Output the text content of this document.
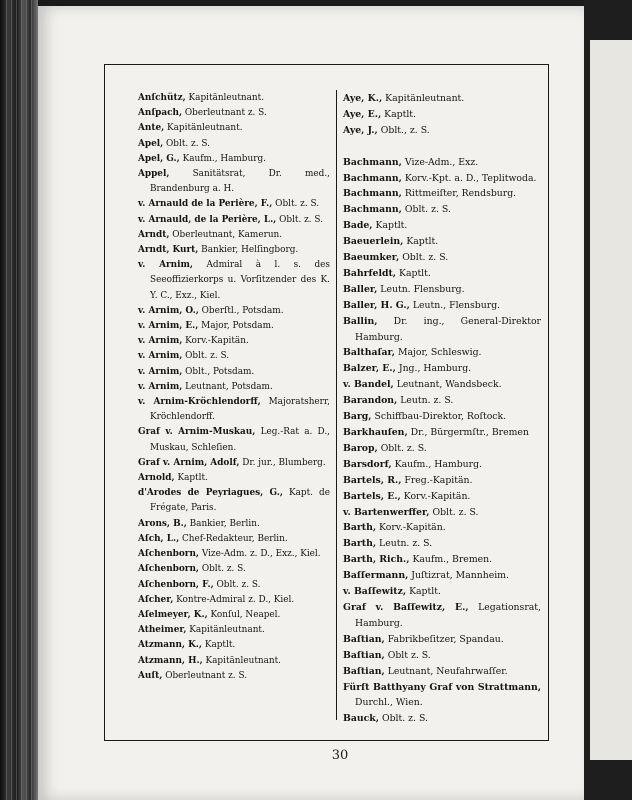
Anſchütz, Kapitänleutnant.
Anſpach, Oberleutnant z. S.
Ante, Kapitänleutnant.
Apel, Oblt. z. S.
Apel, G., Kaufm., Hamburg.
Appel,	Sanitätsrat, Dr. med., Brandenburg a. H.
v. Arnauld de la Perière, F., Oblt. z. S.
v. Arnauld, de la Perière, L., Oblt. z. S.
Arndt, Oberleutnant, Kamerun.
Arndt, Kurt, Bankier, Helſingborg.
v. Arnim, Admiral à l. s. des Seeoffizierkorps u. Vorſitzender des K. Y. C., Exz., Kiel.
v. Arnim, O., Oberſtl., Potsdam.
v. Arnim, E., Major, Potsdam.
v. Arnim, Korv.-Kapitän.
v. Arnim, Oblt. z. S.
v. Arnim, Oblt., Potsdam.
v. Arnim, Leutnant, Potsdam.
v. Arnim-Kröchlendorff, Majoratsherr, Kröchlendorff.
Graf v. Arnim-Muskau, Leg.-Rat a. D., Muskau, Schleſien.
Graf v. Arnim, Adolf, Dr. jur., Blumberg.
Arnold, Kaptlt.
d'Arodes de Peyriagues, G., Kapt. de Frégate, Paris.
Arons, B., Bankier, Berlin.
Aſch, L., Chef-Redakteur, Berlin.
Aſchenborn, Vize-Adm. z. D., Exz., Kiel.
Aſchenborn, Oblt. z. S.
Aſchenborn, F., Oblt. z. S.
Aſcher, Kontre-Admiral z. D., Kiel.
Aſelmeyer, K., Konſul, Neapel.
Atheimer, Kapitänleutnant.
Atzmann, K., Kaptlt.
Atzmann, H., Kapitänleutnant.
Auſt, Oberleutnant z. S.
Aye, K., Kapitänleutnant.
Aye, E., Kaptlt.
Aye, J., Oblt., z. S.
Bachmann, Vize-Adm., Exz.
Bachmann, Korv.-Kpt. a. D., Teplitwoda.
Bachmann, Rittmeiſter, Rendsburg.
Bachmann, Oblt. z. S.
Bade, Kaptlt.
Baeuerlein, Kaptlt.
Baeumker, Oblt. z. S.
Bahrfeldt, Kaptlt.
Baller, Leutn. Flensburg.
Baller, H. G., Leutn., Flensburg.
Ballin, Dr. ing., General-Direktor Hamburg.
Balthaſar, Major, Schleswig.
Balzer, E., Jng., Hamburg.
v. Bandel, Leutnant, Wandsbeck.
Barandon, Leutn. z. S.
Barg, Schiffbau-Direktor, Roſtock.
Barkhauſen, Dr., Bürgermſtr., Bremen
Barop, Oblt. z. S.
Barsdorf, Kaufm., Hamburg.
Bartels, R., Freg.-Kapitän.
Bartels, E., Korv.-Kapitän.
v. Bartenwerffer, Oblt. z. S.
Barth, Korv.-Kapitän.
Barth, Leutn. z. S.
Barth, Rich., Kaufm., Bremen.
Baſſermann, Juſtizrat, Mannheim.
v. Baſſewitz, Kaptlt.
Graf v. Baſſewitz, E., Legationsrat, Hamburg.
Baſtian, Fabrikbeſitzer, Spandau.
Baſtian, Oblt z. S.
Baſtian, Leutnant, Neufahrwaſſer.
Fürſt Batthyany Graf von Strattmann, Durchl., Wien.
Bauck, Oblt. z. S.
30
